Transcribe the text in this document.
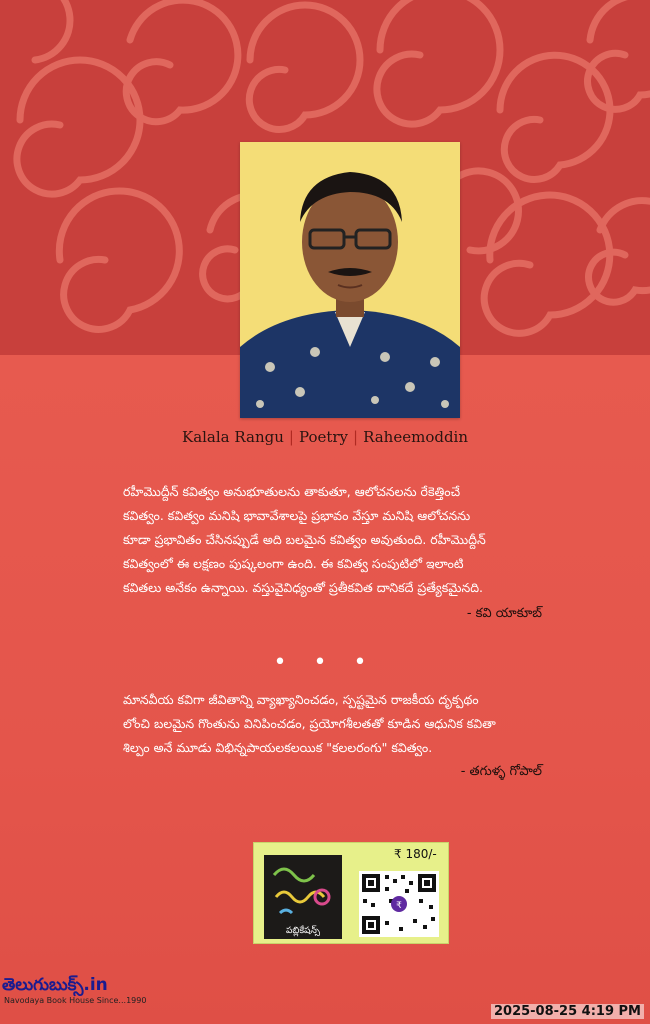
Kalala Rangu | Poetry | Raheemoddin
రహీమొద్దీన్ కవిత్వం అనుభూతులను తాకుతూ, ఆలోచనలను రేకెత్తించే
కవిత్వం. కవిత్వం మనిషి భావావేశాలపై ప్రభావం వేస్తూ మనిషి ఆలోచనను
కూడా ప్రభావితం చేసినప్పుడే అది బలమైన కవిత్వం అవుతుంది. రహీమొద్దీన్
కవిత్వంలో ఈ లక్షణం పుష్కలంగా ఉంది. ఈ కవిత్వ సంపుటిలో ఇలాంటి
కవితలు అనేకం ఉన్నాయి. వస్తువైవిధ్యంతో ప్రతీకవిత దానికదే ప్రత్యేకమైనది.
- కవి యాకూబ్
• • •
మానవీయ కవిగా జీవితాన్ని వ్యాఖ్యానించడం, స్పష్టమైన రాజకీయ దృక్పథం
లోంచి బలమైన గొంతును వినిపించడం, ప్రయోగశీలతతో కూడిన ఆధునిక కవితా
శిల్పం అనే మూడు విభిన్నపాయలకలయిక "కలలరంగు" కవిత్వం.
- తగుళ్ళ గోపాల్
₹ 180/-
పబ్లికేషన్స్
₹
తెలుగుబుక్స్.in
Navodaya Book House Since...1990
2025-08-25 4:19 PM
